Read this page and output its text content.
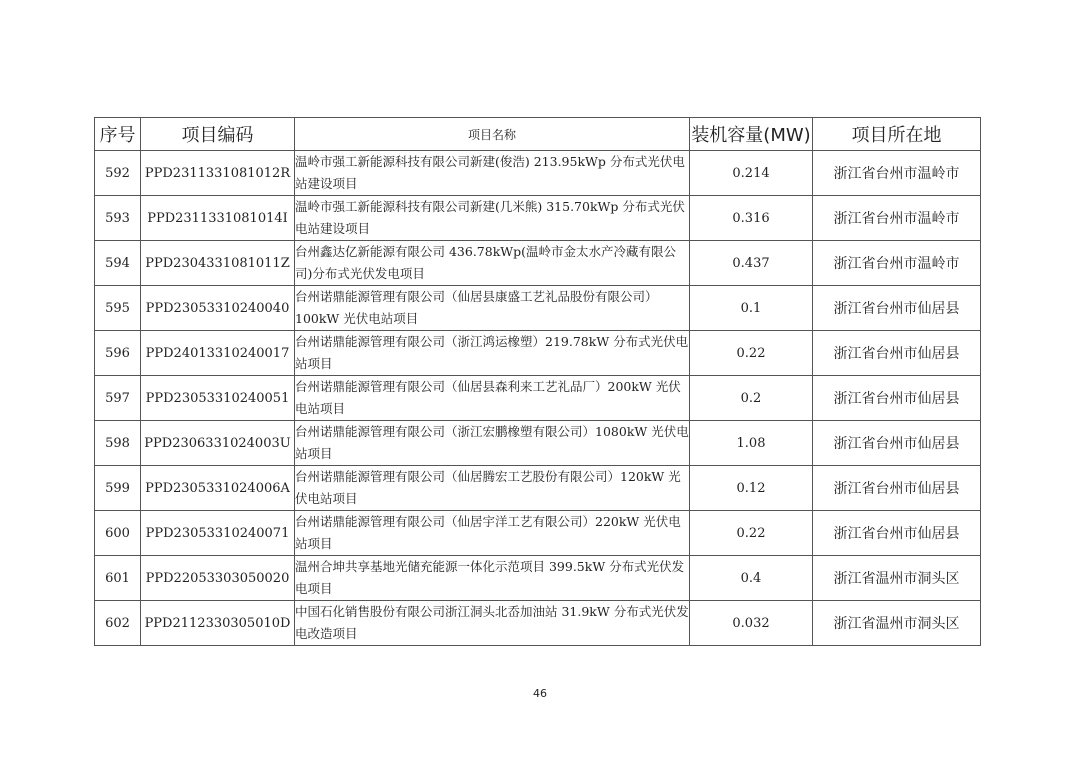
序号	项目编码	项目名称	装机容量(MW)	项目所在地
592	PPD2311331081012R	温岭市强工新能源科技有限公司新建(俊浩) 213.95kWp 分布式光伏电站建设项目	0.214	浙江省台州市温岭市
593	PPD2311331081014I	温岭市强工新能源科技有限公司新建(几米熊) 315.70kWp 分布式光伏电站建设项目	0.316	浙江省台州市温岭市
594	PPD2304331081011Z	台州鑫达亿新能源有限公司 436.78kWp(温岭市金太水产冷藏有限公司)分布式光伏发电项目	0.437	浙江省台州市温岭市
595	PPD23053310240040	台州诺鼎能源管理有限公司（仙居县康盛工艺礼品股份有限公司）100kW 光伏电站项目	0.1	浙江省台州市仙居县
596	PPD24013310240017	台州诺鼎能源管理有限公司（浙江鸿运橡塑）219.78kW 分布式光伏电站项目	0.22	浙江省台州市仙居县
597	PPD23053310240051	台州诺鼎能源管理有限公司（仙居县森利来工艺礼品厂）200kW 光伏电站项目	0.2	浙江省台州市仙居县
598	PPD2306331024003U	台州诺鼎能源管理有限公司（浙江宏鹏橡塑有限公司）1080kW 光伏电站项目	1.08	浙江省台州市仙居县
599	PPD2305331024006A	台州诺鼎能源管理有限公司（仙居腾宏工艺股份有限公司）120kW 光伏电站项目	0.12	浙江省台州市仙居县
600	PPD23053310240071	台州诺鼎能源管理有限公司（仙居宇洋工艺有限公司）220kW 光伏电站项目	0.22	浙江省台州市仙居县
601	PPD22053303050020	温州合坤共享基地光储充能源一体化示范项目 399.5kW 分布式光伏发电项目	0.4	浙江省温州市洞头区
602	PPD2112330305010D	中国石化销售股份有限公司浙江洞头北岙加油站 31.9kW 分布式光伏发电改造项目	0.032	浙江省温州市洞头区
46
